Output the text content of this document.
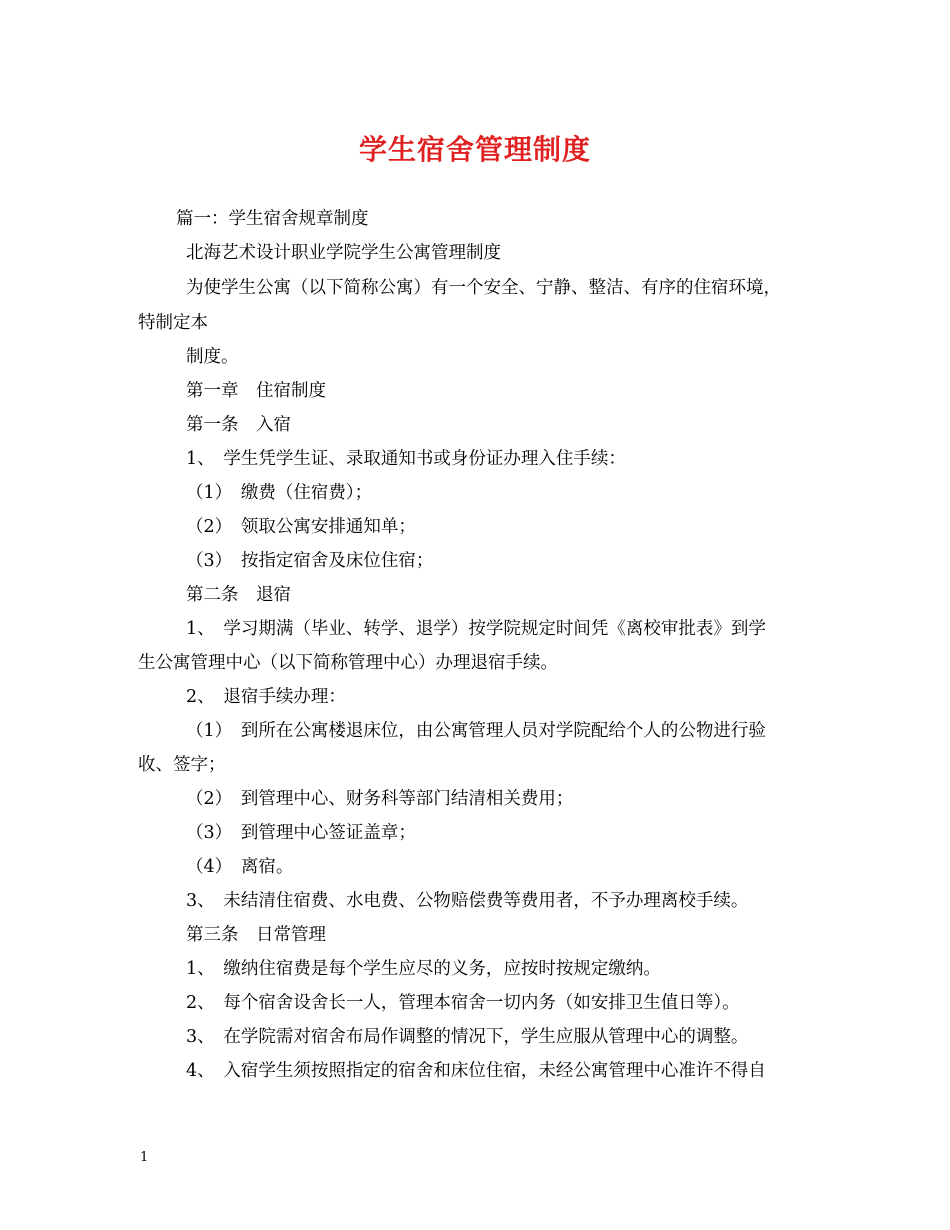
学生宿舍管理制度
篇一：学生宿舍规章制度
北海艺术设计职业学院学生公寓管理制度
为使学生公寓（以下简称公寓）有一个安全、宁静、整洁、有序的住宿环境，
特制定本
制度。
第一章　住宿制度
第一条　入宿
1、　学生凭学生证、录取通知书或身份证办理入住手续：
（1）　缴费（住宿费）；
（2）　领取公寓安排通知单；
（3）　按指定宿舍及床位住宿；
第二条　退宿
1、　学习期满（毕业、转学、退学）按学院规定时间凭《离校审批表》到学
生公寓管理中心（以下简称管理中心）办理退宿手续。
2、　退宿手续办理：
（1）　到所在公寓楼退床位，由公寓管理人员对学院配给个人的公物进行验
收、签字；
（2）　到管理中心、财务科等部门结清相关费用；
（3）　到管理中心签证盖章；
（4）　离宿。
3、　未结清住宿费、水电费、公物赔偿费等费用者，不予办理离校手续。
第三条　日常管理
1、　缴纳住宿费是每个学生应尽的义务，应按时按规定缴纳。
2、　每个宿舍设舍长一人，管理本宿舍一切内务（如安排卫生值日等）。
3、　在学院需对宿舍布局作调整的情况下，学生应服从管理中心的调整。
4、　入宿学生须按照指定的宿舍和床位住宿，未经公寓管理中心准许不得自
1
